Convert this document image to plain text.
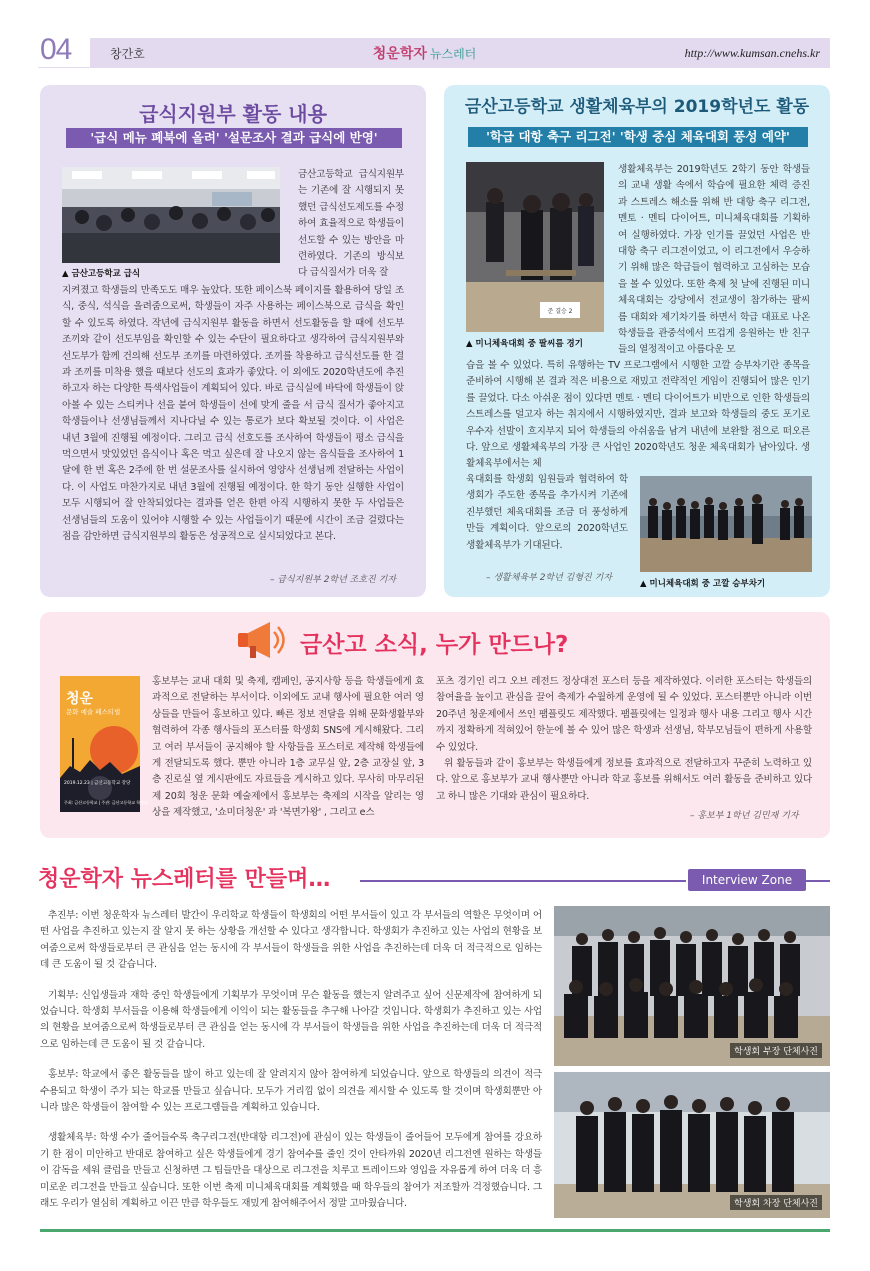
04	창간호	청운학자 뉴스레터	http://www.kumsan.cnehs.kr
급식지원부 활동 내용
'급식 메뉴 폐북에 올려' '설문조사 결과 급식에 반영'
▲ 금산고등학교 급식
금산고등학교 급식지원부는 기존에 잘 시행되지 못 했던 급식선도제도를 수정하여 효율적으로 학생들이 선도할 수 있는 방안을 마련하였다. 기존의 방식보다 급식질서가 더욱 잘
지켜졌고 학생들의 만족도도 매우 높았다. 또한 페이스북 페이지를 활용하여 당일 조식, 중식, 석식을 올려줌으로써, 학생들이 자주 사용하는 페이스북으로 급식을 확인할 수 있도록 하였다. 작년에 급식지원부 활동을 하면서 선도활동을 할 때에 선도부 조끼와 같이 선도부임을 확인할 수 있는 수단이 필요하다고 생각하여 급식지원부와 선도부가 함께 건의해 선도부 조끼를 마련하였다. 조끼를 착용하고 급식선도를 한 결과 조끼를 미착용 했을 때보다 선도의 효과가 좋았다. 이 외에도 2020학년도에 추진하고자 하는 다양한 특색사업들이 계획되어 있다. 바로 급식실에 바닥에 학생들이 앉아볼 수 있는 스티커나 선을 붙여 학생들이 선에 맞게 줄을 서 급식 질서가 좋아지고 학생들이나 선생님들께서 지나다닐 수 있는 통로가 보다 확보될 것이다. 이 사업은 내년 3월에 진행될 예정이다. 그리고 급식 선호도를 조사하여 학생들이 평소 급식을 먹으면서 맛있었던 음식이나 혹은 먹고 싶은데 잘 나오지 않는 음식들을 조사하여 1달에 한 번 혹은 2주에 한 번 설문조사를 실시하여 영양사 선생님께 전달하는 사업이다. 이 사업도 마찬가지로 내년 3월에 진행될 예정이다. 한 학기 동안 실행한 사업이 모두 시행되어 잘 안착되었다는 결과를 얻은 한편 아직 시행하지 못한 두 사업들은 선생님들의 도움이 있어야 시행할 수 있는 사업들이기 때문에 시간이 조금 걸렸다는 점을 감안하면 급식지원부의 활동은 성공적으로 실시되었다고 본다.
– 급식지원부 2학년 조호진 기자
금산고등학교 생활체육부의 2019학년도 활동
'학급 대항 축구 리그전' '학생 중심 체육대회 풍성 예약'
준 결승 2
▲ 미니체육대회 중 팔씨름 경기
생활체육부는 2019학년도 2학기 동안 학생들의 교내 생활 속에서 학습에 필요한 체력 증진과 스트레스 해소를 위해 반 대항 축구 리그전, 멘토 · 멘티 다이어트, 미니체육대회를 기획하여 실행하였다. 가장 인기를 끌었던 사업은 반 대항 축구 리그전이었고, 이 리그전에서 우승하기 위해 많은 학급들이 협력하고 고심하는 모습을 볼 수 있었다. 또한 축제 첫 날에 진행된 미니체육대회는 강당에서 전교생이 참가하는 팔씨름 대회와 제기차기를 하면서 학급 대표로 나온 학생들을 관중석에서 뜨겁게 응원하는 반 친구들의 열정적이고 아름다운 모
습을 볼 수 있었다. 특히 유행하는 TV 프로그램에서 시행한 고깔 승부차기란 종목을 준비하여 시행해 본 결과 적은 비용으로 재밌고 전략적인 게임이 진행되어 많은 인기를 끌었다. 다소 아쉬운 점이 있다면 멘토 · 멘티 다이어트가 비만으로 인한 학생들의 스트레스를 덜고자 하는 취지에서 시행하였지만, 결과 보고와 학생들의 중도 포기로 우수자 선발이 흐지부지 되어 학생들의 아쉬움을 남겨 내년에 보완할 점으로 떠오른다. 앞으로 생활체육부의 가장 큰 사업인 2020학년도 청운 체육대회가 남아있다. 생활체육부에서는 체
육대회를 학생회 임원들과 협력하여 학생회가 주도한 종목을 추가시켜 기존에 진부했던 체육대회를 조금 더 풍성하게 만들 계획이다. 앞으로의 2020학년도 생활체육부가 기대된다.
– 생활체육부 2학년 김형진 기자
▲ 미니체육대회 중 고깔 승부차기
금산고 소식, 누가 만드나?
청운
문화 예술 페스티벌
2019.12.23 | 금산고등학교 강당
주최: 금산고등학교 | 주관: 금산고등학교 학생회
홍보부는 교내 대회 및 축제, 캠페인, 공지사항 등을 학생들에게 효과적으로 전달하는 부서이다. 이외에도 교내 행사에 필요한 여러 영상들을 만들어 홍보하고 있다. 빠른 정보 전달을 위해 문화생활부와 협력하여 각종 행사들의 포스터를 학생회 SNS에 게시해왔다. 그리고 여러 부서들이 공지해야 할 사항들을 포스터로 제작해 학생들에게 전달되도록 했다. 뿐만 아니라 1층 교무실 앞, 2층 교장실 앞, 3층 진로실 옆 게시판에도 자료들을 게시하고 있다. 무사히 마무리된 제 20회 청운 문화 예술제에서 홍보부는 축제의 시작을 알리는 영상을 제작했고, '쇼미더청운' 과 '복면가왕' , 그리고 e스
포츠 경기인 리그 오브 레전드 정상대전 포스터 등을 제작하였다. 이러한 포스터는 학생들의 참여율을 높이고 관심을 끌어 축제가 수월하게 운영에 될 수 있었다. 포스터뿐만 아니라 이번 20주년 청운제에서 쓰인 팸플릿도 제작했다. 팸플릿에는 일정과 행사 내용 그리고 행사 시간까지 정확하게 적혀있어 한눈에 볼 수 있어 많은 학생과 선생님, 학부모님들이 편하게 사용할 수 있었다.
위 활동들과 같이 홍보부는 학생들에게 정보를 효과적으로 전달하고자 꾸준히 노력하고 있다. 앞으로 홍보부가 교내 행사뿐만 아니라 학교 홍보를 위해서도 여러 활동을 준비하고 있다고 하니 많은 기대와 관심이 필요하다.
– 홍보부 1학년 김민재 기자
청운학자 뉴스레터를 만들며…	Interview Zone

추진부: 이번 청운학자 뉴스레터 발간이 우리학교 학생들이 학생회의 어떤 부서들이 있고 각 부서들의 역할은 무엇이며 어떤 사업을 추진하고 있는지 잘 알지 못 하는 상황을 개선할 수 있다고 생각합니다. 학생회가 추진하고 있는 사업의 현황을 보여줌으로써 학생들로부터 큰 관심을 얻는 동시에 각 부서들이 학생들을 위한 사업을 추진하는데 더욱 더 적극적으로 임하는데 큰 도움이 될 것 같습니다.

기획부: 신입생들과 재학 중인 학생들에게 기획부가 무엇이며 무슨 활동을 했는지 알려주고 싶어 신문제작에 참여하게 되었습니다. 학생회 부서들을 이용해 학생들에게 이익이 되는 활동들을 추구해 나아갈 것입니다. 학생회가 추진하고 있는 사업의 현황을 보여줌으로써 학생들로부터 큰 관심을 얻는 동시에 각 부서들이 학생들을 위한 사업을 추진하는데 더욱 더 적극적으로 임하는데 큰 도움이 될 것 같습니다.

홍보부: 학교에서 좋은 활동들을 많이 하고 있는데 잘 알려지지 않아 참여하게 되었습니다. 앞으로 학생들의 의견이 적극 수용되고 학생이 주가 되는 학교를 만들고 싶습니다. 모두가 거리낌 없이 의견을 제시할 수 있도록 할 것이며 학생회뿐만 아니라 많은 학생들이 참여할 수 있는 프로그램들을 계획하고 있습니다.

생활체육부: 학생 수가 줄어들수록 축구리그전(반대항 리그전)에 관심이 있는 학생들이 줄어들어 모두에게 참여를 강요하기 한 점이 미안하고 반대로 참여하고 싶은 학생들에게 경기 참여수를 줄인 것이 안타까워 2020년 리그전엔 원하는 학생들이 감독을 세워 클럽을 만들고 신청하면 그 팀들만을 대상으로 리그전을 치루고 트레이드와 영입을 자유롭게 하여 더욱 더 흥미로운 리그전을 만들고 싶습니다. 또한 이번 축제 미니체육대회를 계획했을 때 학우들의 참여가 저조할까 걱정했습니다. 그래도 우리가 열심히 계획하고 이끈 만큼 학우들도 재밌게 참여해주어서 정말 고마웠습니다.

학생회 부장 단체사진
학생회 차장 단체사진
